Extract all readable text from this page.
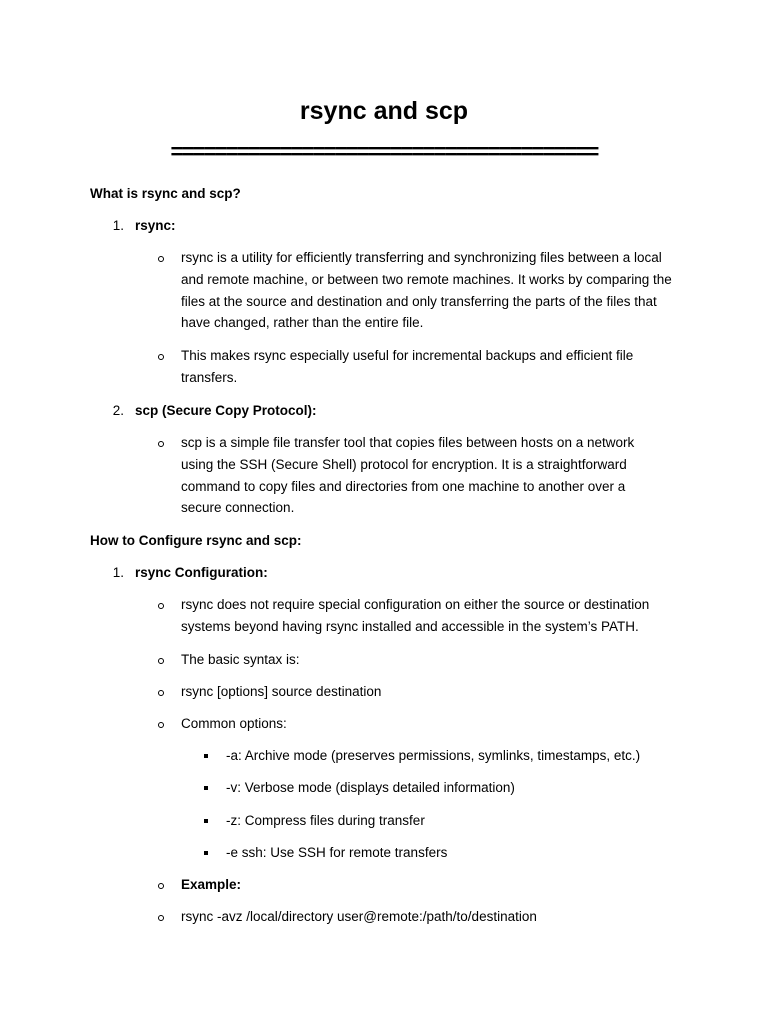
rsync and scp
=======================================
What is rsync and scp?
1. rsync:
rsync is a utility for efficiently transferring and synchronizing files between a local and remote machine, or between two remote machines. It works by comparing the files at the source and destination and only transferring the parts of the files that have changed, rather than the entire file.
This makes rsync especially useful for incremental backups and efficient file transfers.
2. scp (Secure Copy Protocol):
scp is a simple file transfer tool that copies files between hosts on a network using the SSH (Secure Shell) protocol for encryption. It is a straightforward command to copy files and directories from one machine to another over a secure connection.
How to Configure rsync and scp:
1. rsync Configuration:
rsync does not require special configuration on either the source or destination systems beyond having rsync installed and accessible in the system’s PATH.
The basic syntax is:
rsync [options] source destination
Common options:
-a: Archive mode (preserves permissions, symlinks, timestamps, etc.)
-v: Verbose mode (displays detailed information)
-z: Compress files during transfer
-e ssh: Use SSH for remote transfers
Example:
rsync -avz /local/directory user@remote:/path/to/destination
